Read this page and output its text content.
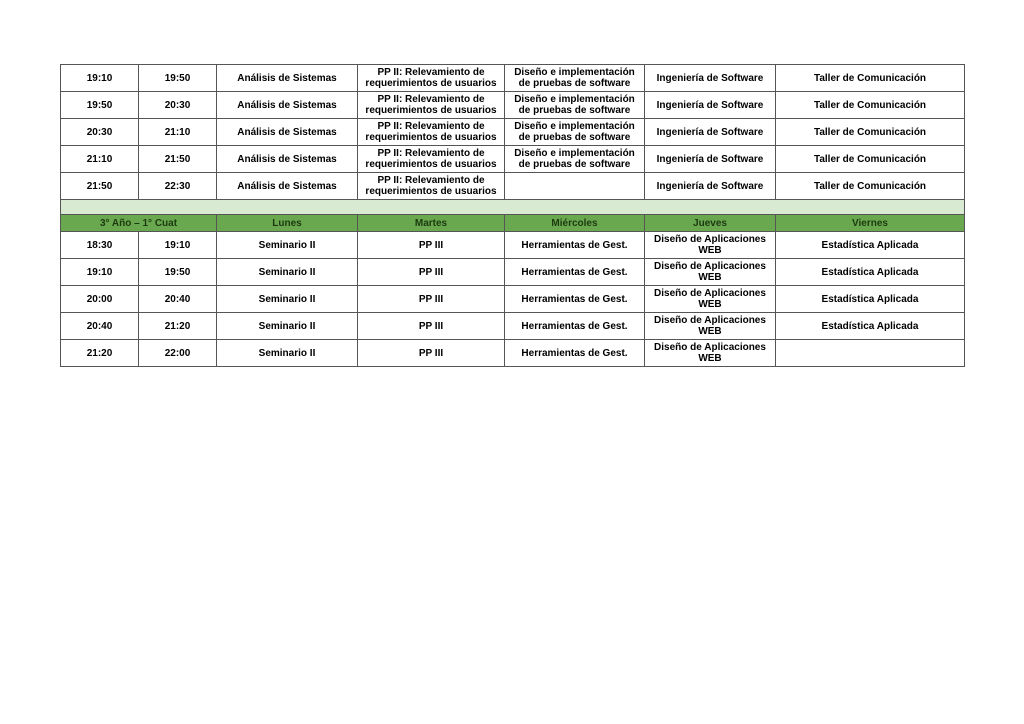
19:10	19:50	Análisis de Sistemas	PP II: Relevamiento de requerimientos de usuarios	Diseño e implementación de pruebas de software	Ingeniería de Software	Taller de Comunicación
19:50	20:30	Análisis de Sistemas	PP II: Relevamiento de requerimientos de usuarios	Diseño e implementación de pruebas de software	Ingeniería de Software	Taller de Comunicación
20:30	21:10	Análisis de Sistemas	PP II: Relevamiento de requerimientos de usuarios	Diseño e implementación de pruebas de software	Ingeniería de Software	Taller de Comunicación
21:10	21:50	Análisis de Sistemas	PP II: Relevamiento de requerimientos de usuarios	Diseño e implementación de pruebas de software	Ingeniería de Software	Taller de Comunicación
21:50	22:30	Análisis de Sistemas	PP II: Relevamiento de requerimientos de usuarios		Ingeniería de Software	Taller de Comunicación

3° Año – 1° Cuat		Lunes	Martes	Miércoles	Jueves	Viernes
18:30	19:10	Seminario II	PP III	Herramientas de Gest.	Diseño de Aplicaciones WEB	Estadística Aplicada
19:10	19:50	Seminario II	PP III	Herramientas de Gest.	Diseño de Aplicaciones WEB	Estadística Aplicada
20:00	20:40	Seminario II	PP III	Herramientas de Gest.	Diseño de Aplicaciones WEB	Estadística Aplicada
20:40	21:20	Seminario II	PP III	Herramientas de Gest.	Diseño de Aplicaciones WEB	Estadística Aplicada
21:20	22:00	Seminario II	PP III	Herramientas de Gest.	Diseño de Aplicaciones WEB	
